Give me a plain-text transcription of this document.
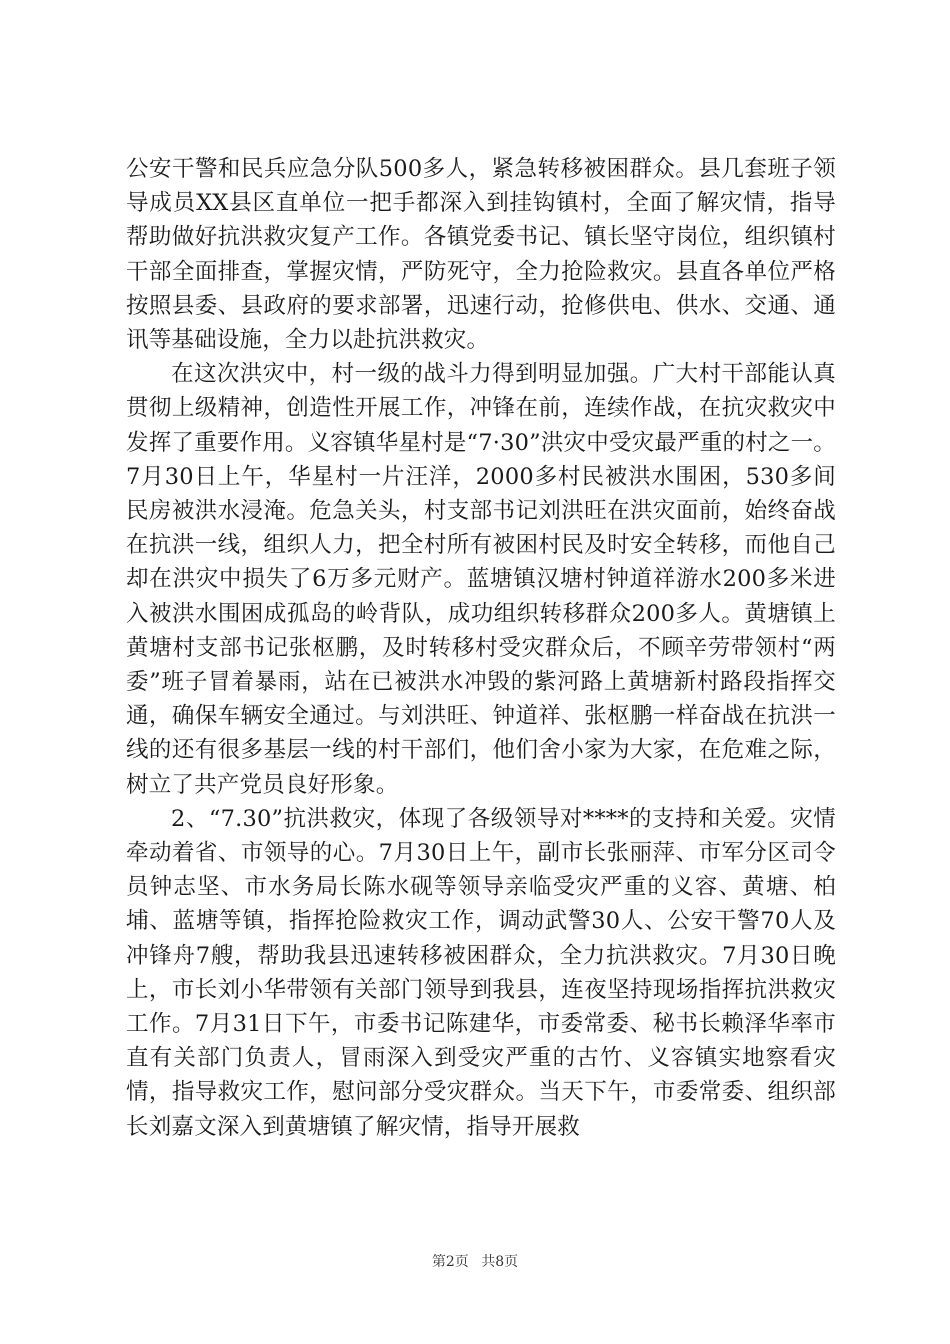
公安干警和民兵应急分队500多人，紧急转移被困群众。县几套班子领导成员XX县区直单位一把手都深入到挂钩镇村，全面了解灾情，指导帮助做好抗洪救灾复产工作。各镇党委书记、镇长坚守岗位，组织镇村干部全面排查，掌握灾情，严防死守，全力抢险救灾。县直各单位严格按照县委、县政府的要求部署，迅速行动，抢修供电、供水、交通、通讯等基础设施，全力以赴抗洪救灾。

在这次洪灾中，村一级的战斗力得到明显加强。广大村干部能认真贯彻上级精神，创造性开展工作，冲锋在前，连续作战，在抗灾救灾中发挥了重要作用。义容镇华星村是“7·30”洪灾中受灾最严重的村之一。7月30日上午，华星村一片汪洋，2000多村民被洪水围困，530多间民房被洪水浸淹。危急关头，村支部书记刘洪旺在洪灾面前，始终奋战在抗洪一线，组织人力，把全村所有被困村民及时安全转移，而他自己却在洪灾中损失了6万多元财产。蓝塘镇汉塘村钟道祥游水200多米进入被洪水围困成孤岛的岭背队，成功组织转移群众200多人。黄塘镇上黄塘村支部书记张枢鹏，及时转移村受灾群众后，不顾辛劳带领村“两委”班子冒着暴雨，站在已被洪水冲毁的紫河路上黄塘新村路段指挥交通，确保车辆安全通过。与刘洪旺、钟道祥、张枢鹏一样奋战在抗洪一线的还有很多基层一线的村干部们，他们舍小家为大家，在危难之际，树立了共产党员良好形象。

2、“7.30”抗洪救灾，体现了各级领导对****的支持和关爱。灾情牵动着省、市领导的心。7月30日上午，副市长张丽萍、市军分区司令员钟志坚、市水务局长陈水砚等领导亲临受灾严重的义容、黄塘、柏埔、蓝塘等镇，指挥抢险救灾工作，调动武警30人、公安干警70人及冲锋舟7艘，帮助我县迅速转移被困群众，全力抗洪救灾。7月30日晚上，市长刘小华带领有关部门领导到我县，连夜坚持现场指挥抗洪救灾工作。7月31日下午，市委书记陈建华，市委常委、秘书长赖泽华率市直有关部门负责人，冒雨深入到受灾严重的古竹、义容镇实地察看灾情，指导救灾工作，慰问部分受灾群众。当天下午，市委常委、组织部长刘嘉文深入到黄塘镇了解灾情，指导开展救

第2页 共8页
